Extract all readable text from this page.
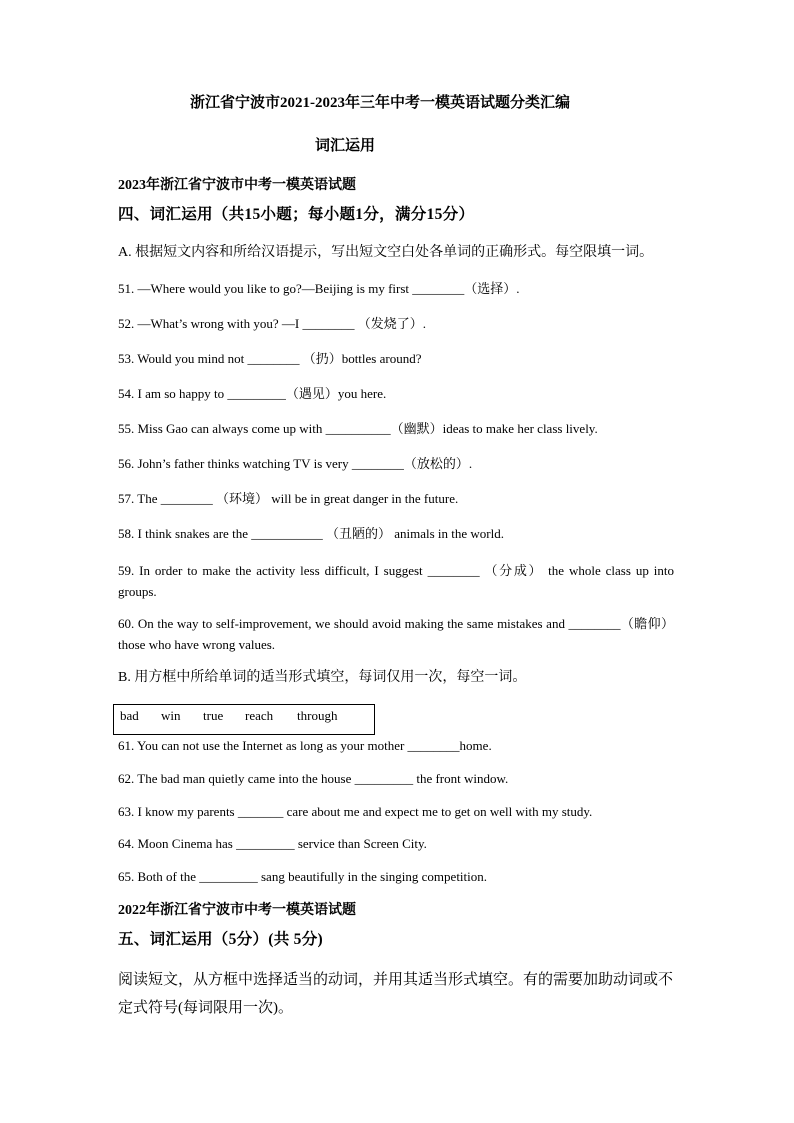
浙江省宁波市2021-2023年三年中考一模英语试题分类汇编
词汇运用
2023年浙江省宁波市中考一模英语试题
四、词汇运用（共15小题；每小题1分，满分15分）
A. 根据短文内容和所给汉语提示，写出短文空白处各单词的正确形式。每空限填一词。
51. —Where would you like to go?—Beijing is my first ________（选择）.
52. —What’s wrong with you? —I ________ （发烧了）.
53. Would you mind not ________ （扔）bottles around?
54. I am so happy to _________（遇见）you here.
55. Miss Gao can always come up with __________（幽默）ideas to make her class lively.
56. John’s father thinks watching TV is very ________（放松的）.
57. The ________ （环境） will be in great danger in the future.
58. I think snakes are the ___________ （丑陋的） animals in the world.
59. In order to make the activity less difficult, I suggest ________ （分成） the whole class up into groups.
60. On the way to self-improvement, we should avoid making the same mistakes and ________（瞻仰） those who have wrong values.
B. 用方框中所给单词的适当形式填空，每词仅用一次，每空一词。
bad win true reach through
61. You can not use the Internet as long as your mother ________home.
62. The bad man quietly came into the house _________ the front window.
63. I know my parents _______ care about me and expect me to get on well with my study.
64. Moon Cinema has _________ service than Screen City.
65. Both of the _________ sang beautifully in the singing competition.
2022年浙江省宁波市中考一模英语试题
五、词汇运用（5分）(共 5分)
阅读短文，从方框中选择适当的动词，并用其适当形式填空。有的需要加助动词或不定式符号(每词限用一次)。
